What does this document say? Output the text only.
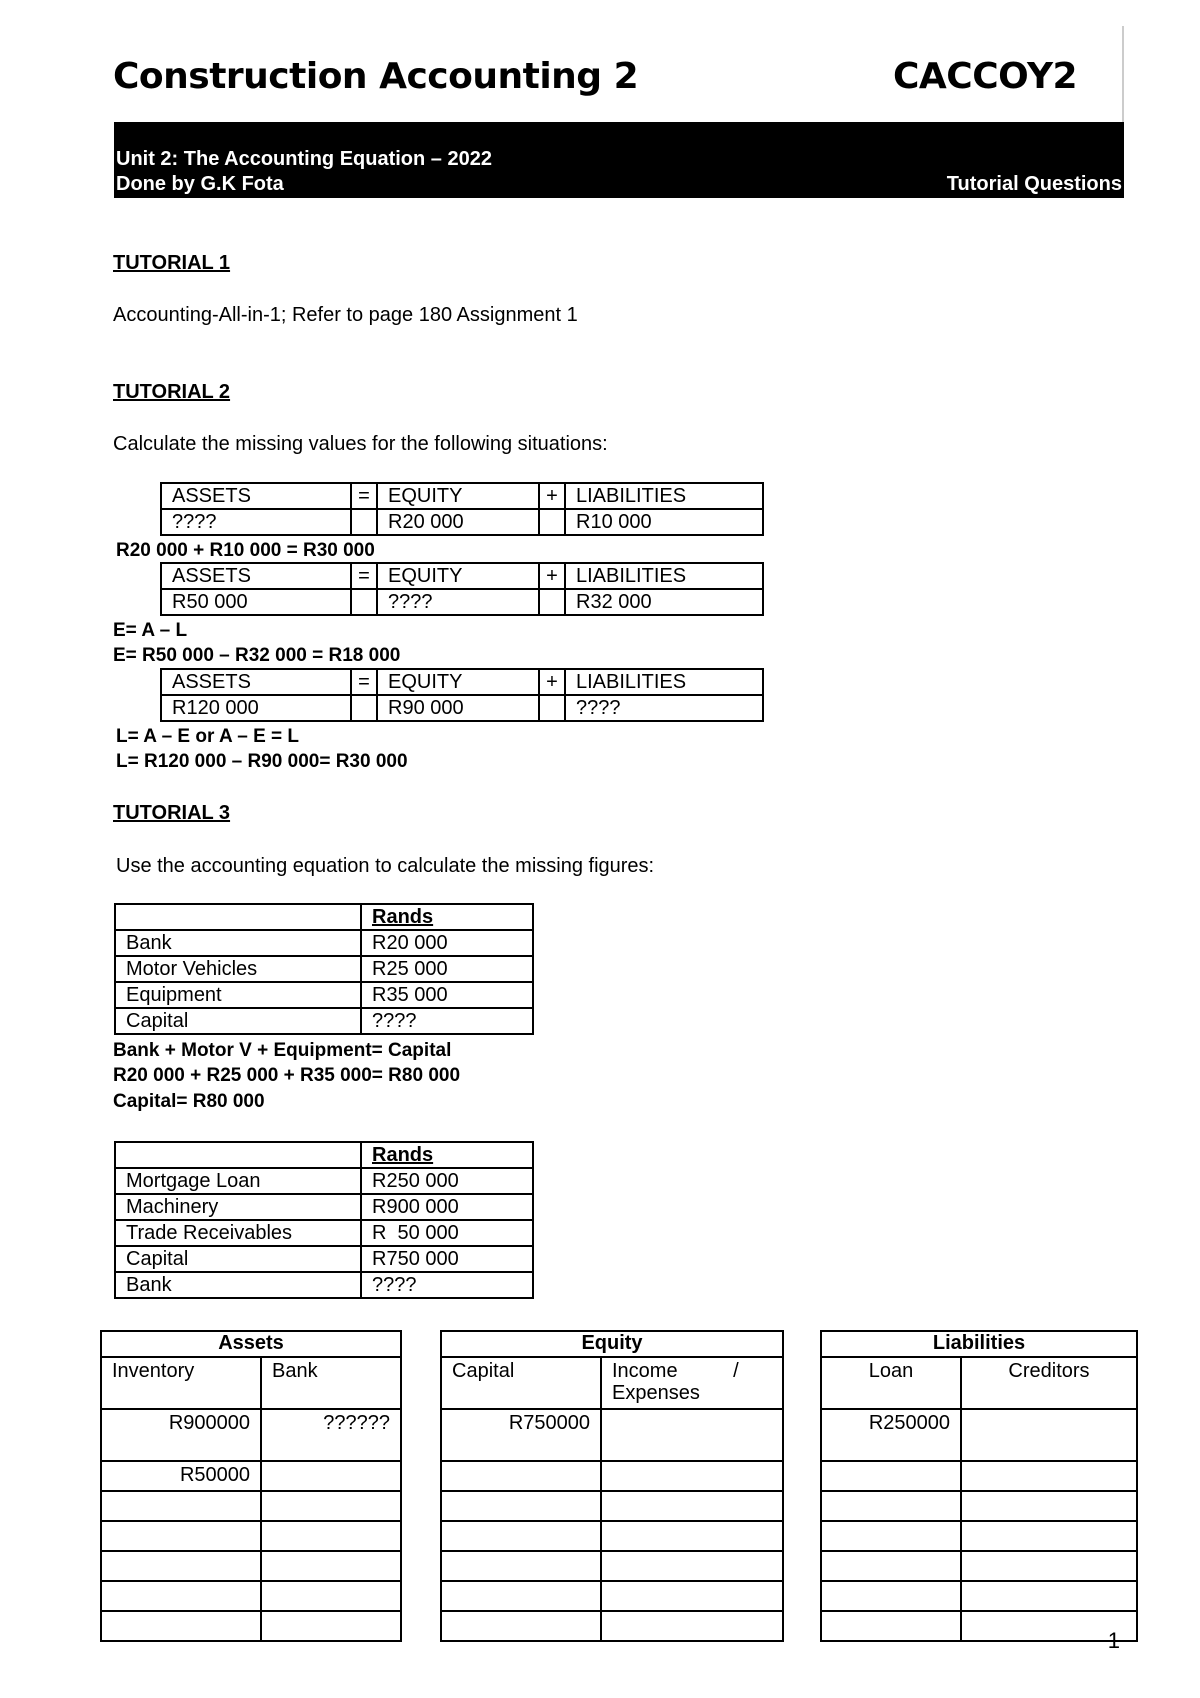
Construction Accounting 2	CACCOY2
Unit 2: The Accounting Equation – 2022
Done by G.K Fota	Tutorial Questions
TUTORIAL 1
Accounting-All-in-1; Refer to page 180 Assignment 1
TUTORIAL 2
Calculate the missing values for the following situations:
ASSETS	=	EQUITY	+	LIABILITIES
????		R20 000		R10 000
R20 000 + R10 000 = R30 000
ASSETS	=	EQUITY	+	LIABILITIES
R50 000		????		R32 000
E= A – L
E= R50 000 – R32 000 = R18 000
ASSETS	=	EQUITY	+	LIABILITIES
R120 000		R90 000		????
L= A – E or A – E = L
L= R120 000 – R90 000= R30 000
TUTORIAL 3
Use the accounting equation to calculate the missing figures:
	Rands
Bank	R20 000
Motor Vehicles	R25 000
Equipment	R35 000
Capital	????
Bank + Motor V + Equipment= Capital
R20 000 + R25 000 + R35 000= R80 000
Capital= R80 000
	Rands
Mortgage Loan	R250 000
Machinery	R900 000
Trade Receivables	R  50 000
Capital	R750 000
Bank	????
Assets	
Inventory	Bank
R900000	??????
R50000	

Equity	
Capital	Income          /
Expenses
R750000	

Liabilities	
Loan	Creditors
R250000	

1
